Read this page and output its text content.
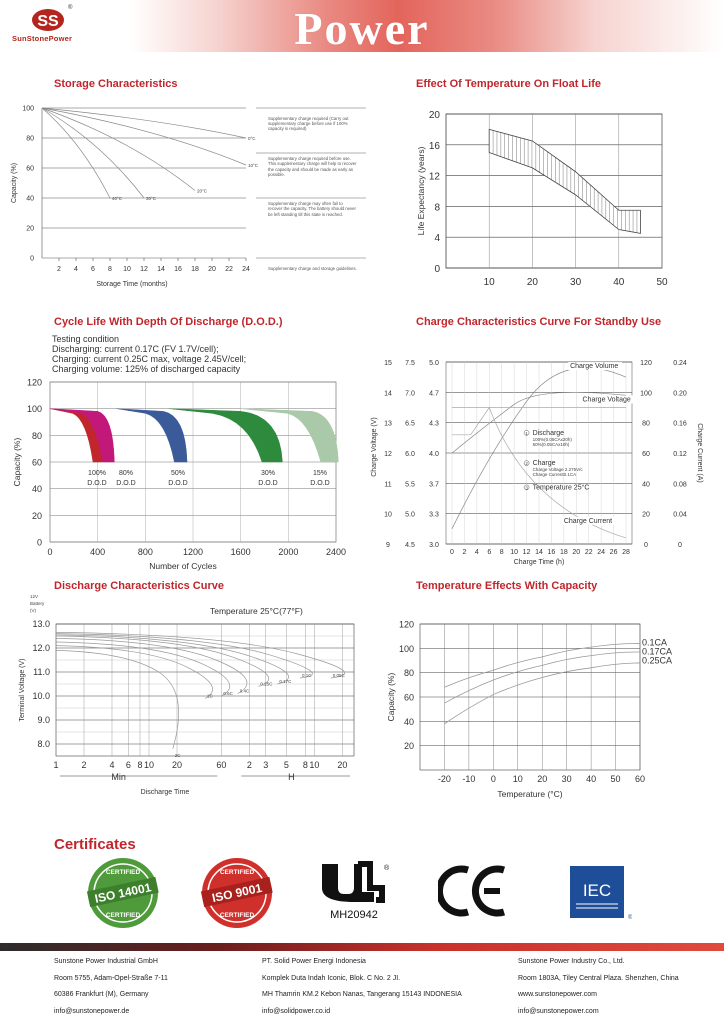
SS
®
SunStonePower	Power
Storage Characteristics
0
20
40
60
80
100
2 4 6 8 10 12 14 16 18 20 22 24
Storage Time (months)
Capacity (%)
0°C
10°C
20°C
30°C
40°C
Supplementary charge required (Carry out supplementary charge before use if 100% capacity is required)
Supplementary charge required before use. This supplementary charge will help to recover the capacity and should be made as early as possible.
Supplementary charge may often fail to recover the capacity. The battery should never be left standing till this state is reached.
Supplementary charge and storage guidelines.
Effect Of Temperature On Float Life
0
4
8
12
16
20
10	20	30	40	50
Life Expectancy (years)
Cycle Life With Depth Of Discharge (D.O.D.)
Testing condition
Discharging: current 0.17C (FV 1.7V/cell);
Charging: current 0.25C max, voltage 2.45V/cell;
Charging volume: 125% of discharged capacity
0
20
40
60
80
100
120
0	400	800	1200	1600	2000	2400
Number of Cycles
Capacity (%)	100%
D.O.D
80%
D.O.D
50%
D.O.D
30%
D.O.D
15%
D.O.D
Charge Characteristics Curve For Standby Use
15 7.5 5.0	120	0.24
14 7.0 4.7	100	0.20
13 6.5 4.3	80	0.16
12 6.0 4.0	60	0.12
11 5.5 3.7	40	0.08
10 5.0 3.3	20	0.04
9 4.5 3.0	0	0
0 2 4 6 8 10 12 14 16 18 20 22 24 26 28
Charge Time (h)
Charge Voltage (V)	Charge Current (A)
Charge Volume
Charge Voltage
Charge Current
1 Discharge
100%(0.05CAx20h)
50%(0.05CAx10h)
2 Charge
Charge Voltage 2.275V/c
Charge Current0.1CA
3 Temperature 25°C
Discharge Characteristics Curve
12V
Battery
(V)	Temperature 25°C(77°F)
8.0
9.0
10.0
11.0
12.0
13.0
1	2	4 6 8 10 20	60 2 3 5 8 10 20
Min	H
Discharge Time
Terminal Voltage (V)
2C
1C 0.6C 0.4C
0.25C 0.17C
0.1C	0.05C
Temperature Effects With Capacity
20
40
60
80
100
120
-20 -10 0 10 20 30 40 50 60
Temperature (°C)
Capacity (%)
0.1CA
0.17CA
0.25CA
Certificates
CERTIFIED
ISO 14001
CERTIFIED
CERTIFIED
ISO 9001
CERTIFIED
®
MH20942
CE
IEC
®
Sunstone Power Industrial GmbH
Room 5755, Adam-Opel-Straße 7-11
60386 Frankfurt (M), Germany
info@sunstonepower.de
PT. Solid Power Energi Indonesia
Komplek Duta Indah Iconic, Blok. C No. 2 JI.
MH Thamrin KM.2 Kebon Nanas, Tangerang 15143 INDONESIA
info@solidpower.co.id
Sunstone Power Industry Co., Ltd.
Room 1803A, Tiley Central Plaza. Shenzhen, China
www.sunstonepower.com
info@sunstonepower.com
